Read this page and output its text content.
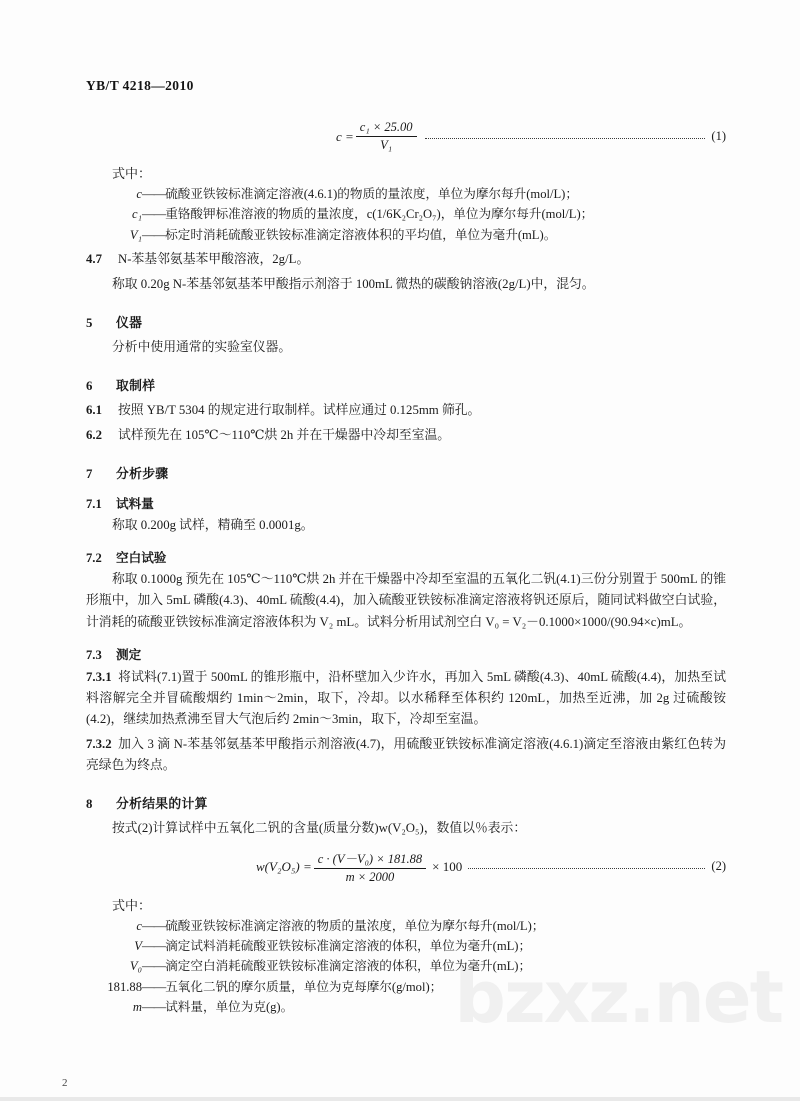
bzxz.net
YB/T 4218—2010
$c = \frac{\text{c₁ × 25.00}}{\text{V₁}}$	(1)
式中：
c —— 硫酸亚铁铵标准滴定溶液(4.6.1)的物质的量浓度，单位为摩尔每升(mol/L)；
c₁ —— 重铬酸钾标准溶液的物质的量浓度，c(1/6K₂Cr₂O₇)，单位为摩尔每升(mol/L)；
V₁ —— 标定时消耗硫酸亚铁铵标准滴定溶液体积的平均值，单位为毫升(mL)。
4.7 N-苯基邻氨基苯甲酸溶液，2g/L。
称取 0.20g N-苯基邻氨基苯甲酸指示剂溶于 100mL 微热的碳酸钠溶液(2g/L)中，混匀。
5 仪器
分析中使用通常的实验室仪器。
6 取制样
6.1 按照 YB/T 5304 的规定进行取制样。试样应通过 0.125mm 筛孔。
6.2 试样预先在 105℃～110℃烘 2h 并在干燥器中冷却至室温。
7 分析步骤
7.1 试料量
称取 0.200g 试样，精确至 0.0001g。
7.2 空白试验
称取 0.1000g 预先在 105℃～110℃烘 2h 并在干燥器中冷却至室温的五氧化二钒(4.1)三份分别置于 500mL 的锥形瓶中，加入 5mL 磷酸(4.3)、40mL 硫酸(4.4)，加入硫酸亚铁铵标准滴定溶液将钒还原后，随同试料做空白试验，计消耗的硫酸亚铁铵标准滴定溶液体积为 V₂ mL。试料分析用试剂空白 V₀ = V₂－0.1000×1000/(90.94×c)mL。
7.3 测定
7.3.1 将试料(7.1)置于 500mL 的锥形瓶中，沿杯壁加入少许水，再加入 5mL 磷酸(4.3)、40mL 硫酸(4.4)，加热至试料溶解完全并冒硫酸烟约 1min～2min，取下，冷却。以水稀释至体积约 120mL，加热至近沸，加 2g 过硫酸铵(4.2)，继续加热煮沸至冒大气泡后约 2min～3min，取下，冷却至室温。
7.3.2 加入 3 滴 N-苯基邻氨基苯甲酸指示剂溶液(4.7)，用硫酸亚铁铵标准滴定溶液(4.6.1)滴定至溶液由紫红色转为亮绿色为终点。
8 分析结果的计算
按式(2)计算试样中五氧化二钒的含量(质量分数)w(V₂O₅)，数值以％表示：
$w(V_2O_5) = \frac{\text{c · (V－V₀) × 181.88}}{m \times 2000} \times 100$	(2)
式中：
c —— 硫酸亚铁铵标准滴定溶液的物质的量浓度，单位为摩尔每升(mol/L)；
V —— 滴定试料消耗硫酸亚铁铵标准滴定溶液的体积，单位为毫升(mL)；
V₀ —— 滴定空白消耗硫酸亚铁铵标准滴定溶液的体积，单位为毫升(mL)；
181.88 —— 五氧化二钒的摩尔质量，单位为克每摩尔(g/mol)；
m —— 试料量，单位为克(g)。
2
